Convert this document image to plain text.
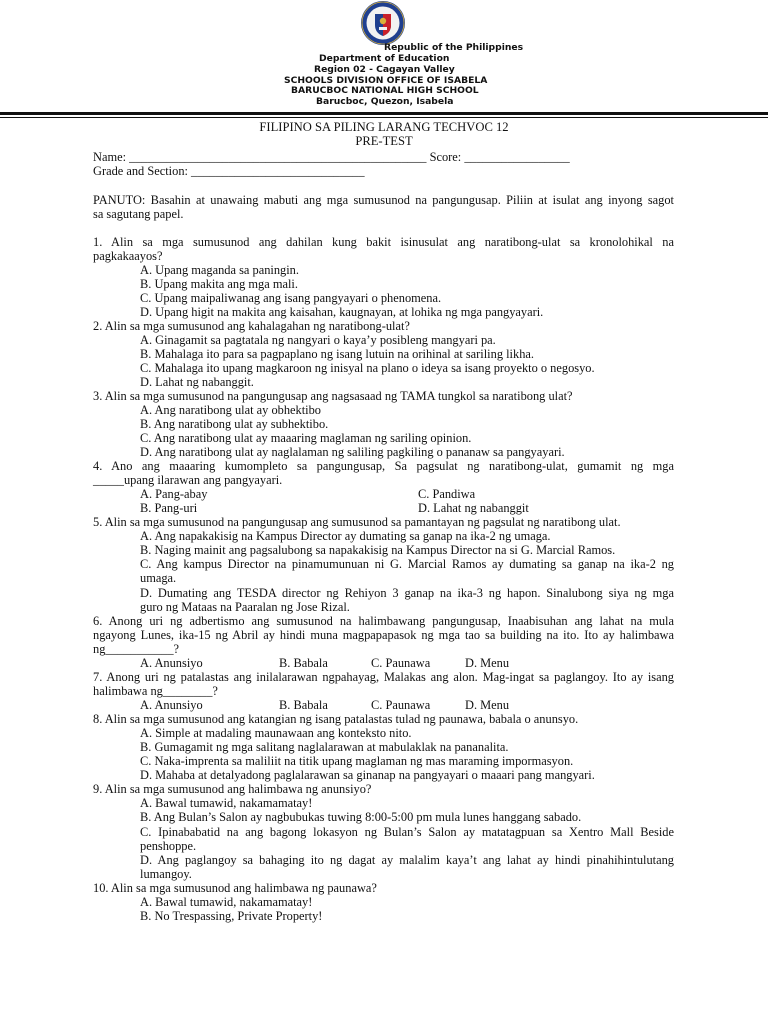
Republic of the Philippines
Department of Education
Region 02 - Cagayan Valley
SCHOOLS DIVISION OFFICE OF ISABELA
BARUCBOC NATIONAL HIGH SCHOOL
Barucboc, Quezon, Isabela
FILIPINO SA PILING LARANG TECHVOC 12
PRE-TEST
Name: ________________________________________________ Score: _________________
Grade and Section: ____________________________
PANUTO: Basahin at unawaing mabuti ang mga sumusunod na pangungusap. Piliin at isulat ang inyong sagot
sa sagutang papel.
1. Alin sa mga sumusunod ang dahilan kung bakit isinusulat ang naratibong-ulat sa kronolohikal na
pagkakaayos?
A. Upang maganda sa paningin.
B. Upang makita ang mga mali.
C. Upang maipaliwanag ang isang pangyayari o phenomena.
D. Upang higit na makita ang kaisahan, kaugnayan, at lohika ng mga pangyayari.
2. Alin sa mga sumusunod ang kahalagahan ng naratibong-ulat?
A. Ginagamit sa pagtatala ng nangyari o kaya’y posibleng mangyari pa.
B. Mahalaga ito para sa pagpaplano ng isang lutuin na orihinal at sariling likha.
C. Mahalaga ito upang magkaroon ng inisyal na plano o ideya sa isang proyekto o negosyo.
D. Lahat ng nabanggit.
3. Alin sa mga sumusunod na pangungusap ang nagsasaad ng TAMA tungkol sa naratibong ulat?
A. Ang naratibong ulat ay obhektibo
B. Ang naratibong ulat ay subhektibo.
C. Ang naratibong ulat ay maaaring maglaman ng sariling opinion.
D. Ang naratibong ulat ay naglalaman ng saliling pagkiling o pananaw sa pangyayari.
4. Ano ang maaaring kumompleto sa pangungusap, Sa pagsulat ng naratibong-ulat, gumamit ng mga
_____upang ilarawan ang pangyayari.
A. Pang-abay	C. Pandiwa
B. Pang-uri	D. Lahat ng nabanggit
5. Alin sa mga sumusunod na pangungusap ang sumusunod sa pamantayan ng pagsulat ng naratibong ulat.
A. Ang napakakisig na Kampus Director ay dumating sa ganap na ika-2 ng umaga.
B. Naging mainit ang pagsalubong sa napakakisig na Kampus Director na si G. Marcial Ramos.
C. Ang kampus Director na pinamumunuan ni G. Marcial Ramos ay dumating sa ganap na ika-2 ng
umaga.
D. Dumating ang TESDA director ng Rehiyon 3 ganap na ika-3 ng hapon. Sinalubong siya ng mga
guro ng Mataas na Paaralan ng Jose Rizal.
6. Anong uri ng adbertismo ang sumusunod na halimbawang pangungusap, Inaabisuhan ang lahat na mula
ngayong Lunes, ika-15 ng Abril ay hindi muna magpapapasok ng mga tao sa building na ito. Ito ay halimbawa
ng___________?
A. Anunsiyo	B. Babala	C. Paunawa	D. Menu
7. Anong uri ng patalastas ang inilalarawan ngpahayag, Malakas ang alon. Mag-ingat sa paglangoy. Ito ay isang
halimbawa ng________?
A. Anunsiyo	B. Babala	C. Paunawa	D. Menu
8. Alin sa mga sumusunod ang katangian ng isang patalastas tulad ng paunawa, babala o anunsyo.
A. Simple at madaling maunawaan ang konteksto nito.
B. Gumagamit ng mga salitang naglalarawan at mabulaklak na pananalita.
C. Naka-imprenta sa maliliit na titik upang maglaman ng mas maraming impormasyon.
D. Mahaba at detalyadong paglalarawan sa ginanap na pangyayari o maaari pang mangyari.
9. Alin sa mga sumusunod ang halimbawa ng anunsiyo?
A. Bawal tumawid, nakamamatay!
B. Ang Bulan’s Salon ay nagbubukas tuwing 8:00-5:00 pm mula lunes hanggang sabado.
C. Ipinababatid na ang bagong lokasyon ng Bulan’s Salon ay matatagpuan sa Xentro Mall Beside
penshoppe.
D. Ang paglangoy sa bahaging ito ng dagat ay malalim kaya’t ang lahat ay hindi pinahihintulutang
lumangoy.
10. Alin sa mga sumusunod ang halimbawa ng paunawa?
A. Bawal tumawid, nakamamatay!
B. No Trespassing, Private Property!
